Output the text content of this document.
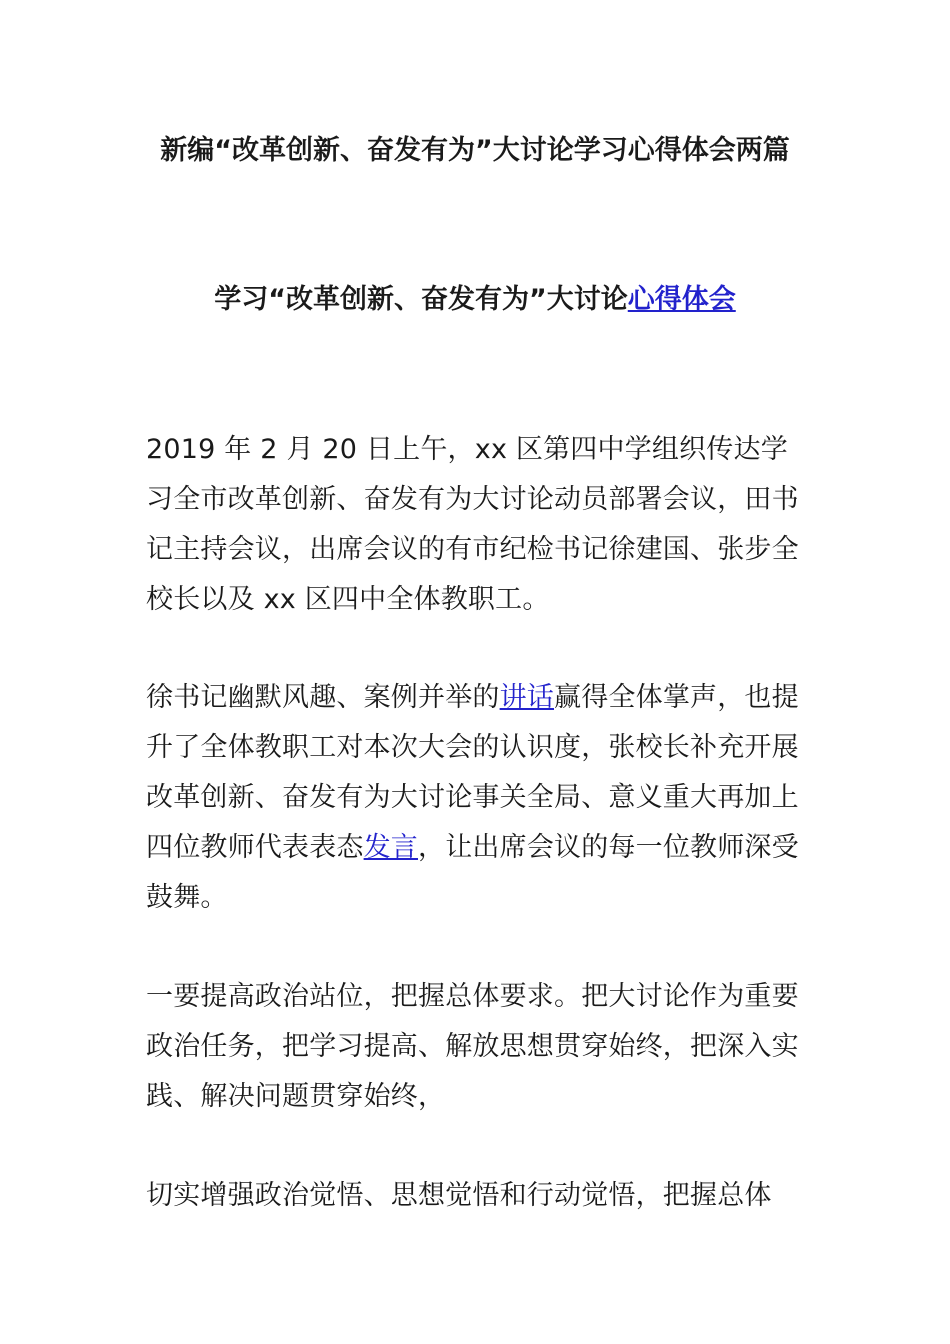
新编“改革创新、奋发有为”大讨论学习心得体会两篇
学习“改革创新、奋发有为”大讨论心得体会

2019 年 2 月 20 日上午，xx 区第四中学组织传达学习全市改革创新、奋发有为大讨论动员部署会议，田书记主持会议，出席会议的有市纪检书记徐建国、张步全校长以及 xx 区四中全体教职工。

徐书记幽默风趣、案例并举的讲话赢得全体掌声，也提升了全体教职工对本次大会的认识度，张校长补充开展改革创新、奋发有为大讨论事关全局、意义重大再加上四位教师代表表态发言，让出席会议的每一位教师深受鼓舞。

一要提高政治站位，把握总体要求。把大讨论作为重要政治任务，把学习提高、解放思想贯穿始终，把深入实践、解决问题贯穿始终，

切实增强政治觉悟、思想觉悟和行动觉悟，把握总体
